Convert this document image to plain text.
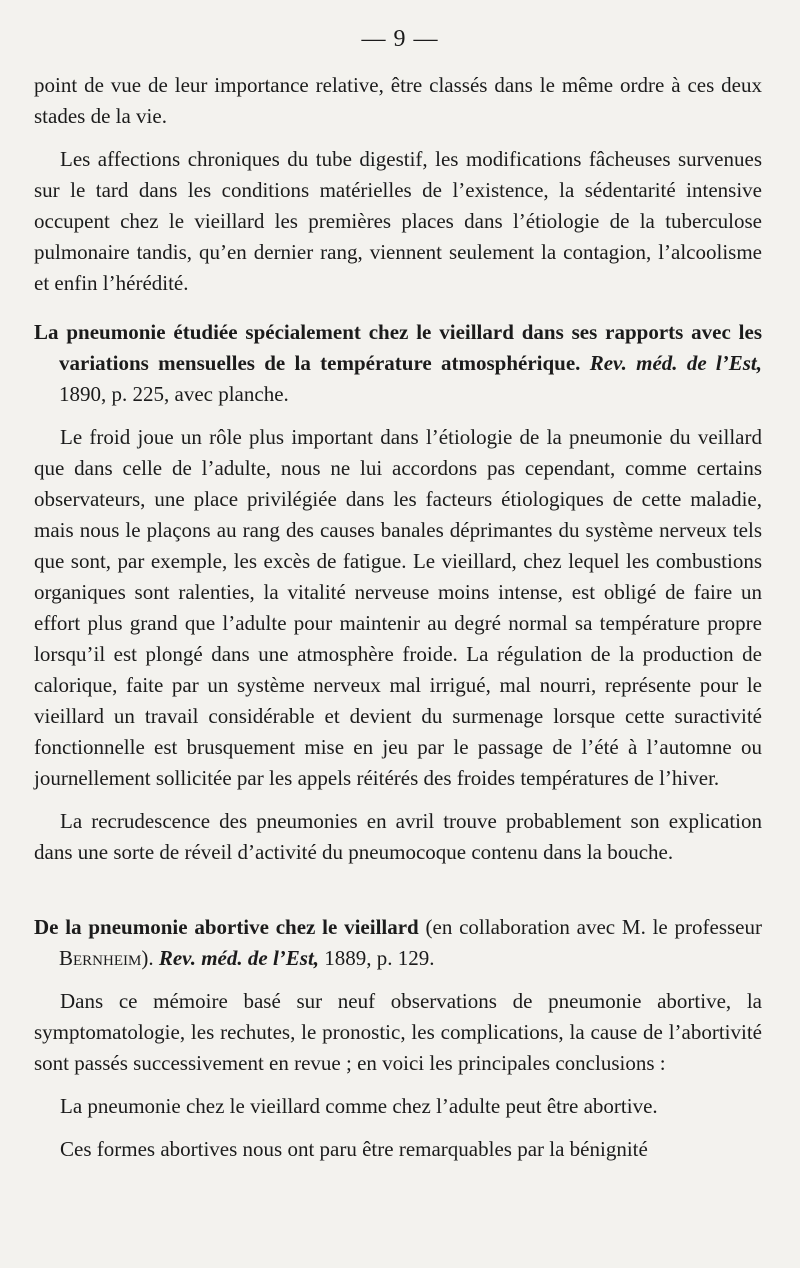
— 9 —

point de vue de leur importance relative, être classés dans le même ordre à ces deux stades de la vie.

Les affections chroniques du tube digestif, les modifications fâcheuses survenues sur le tard dans les conditions matérielles de l’existence, la sédentarité intensive occupent chez le vieillard les premières places dans l’étiologie de la tuberculose pulmonaire tandis, qu’en dernier rang, viennent seulement la contagion, l’alcoolisme et enfin l’hérédité.

La pneumonie étudiée spécialement chez le vieillard dans ses rapports avec les variations mensuelles de la température atmosphérique. Rev. méd. de l’Est, 1890, p. 225, avec planche.

Le froid joue un rôle plus important dans l’étiologie de la pneumonie du veillard que dans celle de l’adulte, nous ne lui accordons pas cependant, comme certains observateurs, une place privilégiée dans les facteurs étiologiques de cette maladie, mais nous le plaçons au rang des causes banales déprimantes du système nerveux tels que sont, par exemple, les excès de fatigue. Le vieillard, chez lequel les combustions organiques sont ralenties, la vitalité nerveuse moins intense, est obligé de faire un effort plus grand que l’adulte pour maintenir au degré normal sa température propre lorsqu’il est plongé dans une atmosphère froide. La régulation de la production de calorique, faite par un système nerveux mal irrigué, mal nourri, représente pour le vieillard un travail considérable et devient du surmenage lorsque cette suractivité fonctionnelle est brusquement mise en jeu par le passage de l’été à l’automne ou journellement sollicitée par les appels réitérés des froides températures de l’hiver.

La recrudescence des pneumonies en avril trouve probablement son explication dans une sorte de réveil d’activité du pneumocoque contenu dans la bouche.

De la pneumonie abortive chez le vieillard (en collaboration avec M. le professeur Bernheim). Rev. méd. de l’Est, 1889, p. 129.

Dans ce mémoire basé sur neuf observations de pneumonie abortive, la symptomatologie, les rechutes, le pronostic, les complications, la cause de l’abortivité sont passés successivement en revue ; en voici les principales conclusions :

La pneumonie chez le vieillard comme chez l’adulte peut être abortive.

Ces formes abortives nous ont paru être remarquables par la bénignité
